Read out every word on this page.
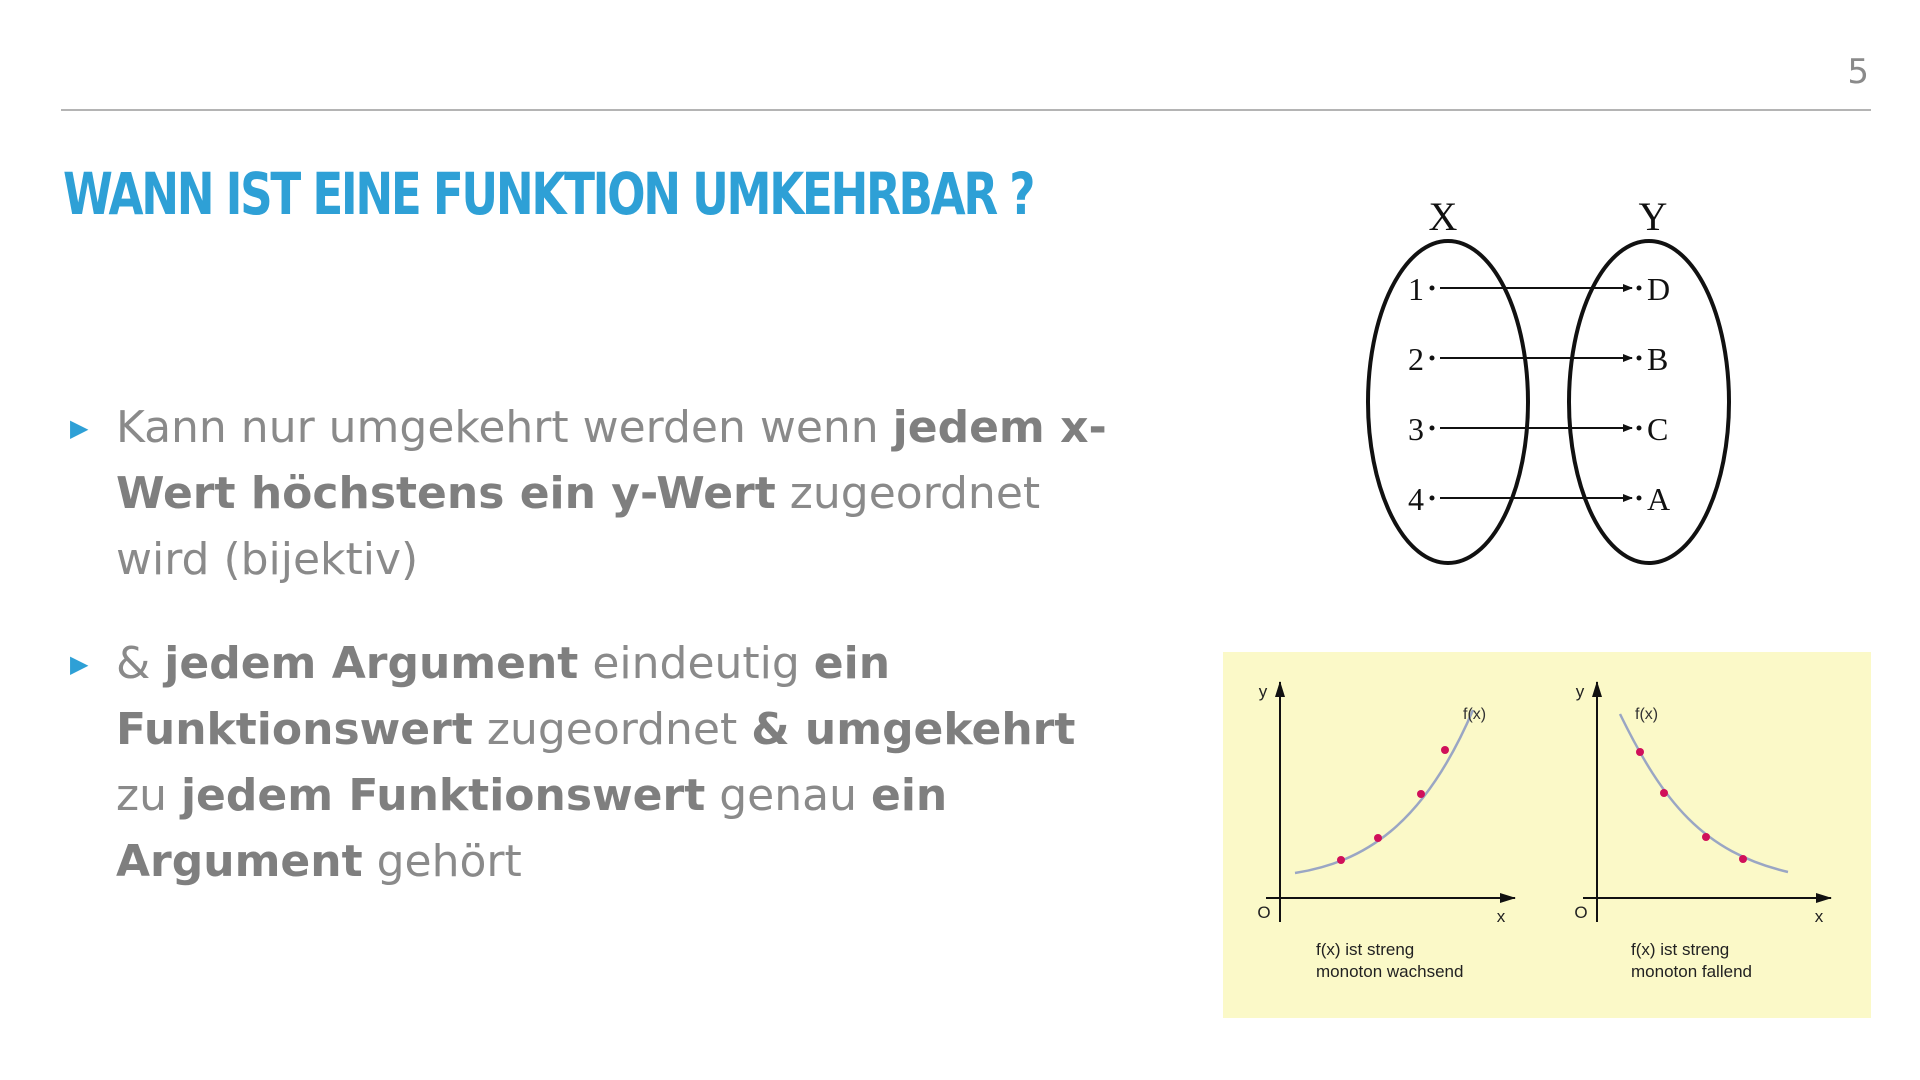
5
WANN IST EINE FUNKTION UMKEHRBAR ?
▶ Kann nur umgekehrt werden wenn jedem x-Wert höchstens ein y-Wert zugeordnet wird (bijektiv)
▶ & jedem Argument eindeutig ein Funktionswert zugeordnet & umgekehrt zu jedem Funktionswert genau ein Argument gehört
X	Y
1
2
3
4
D
B
C
A
y
x
O
f(x)
f(x) ist streng
monoton wachsend
y
x
O
f(x)
f(x) ist streng
monoton fallend
